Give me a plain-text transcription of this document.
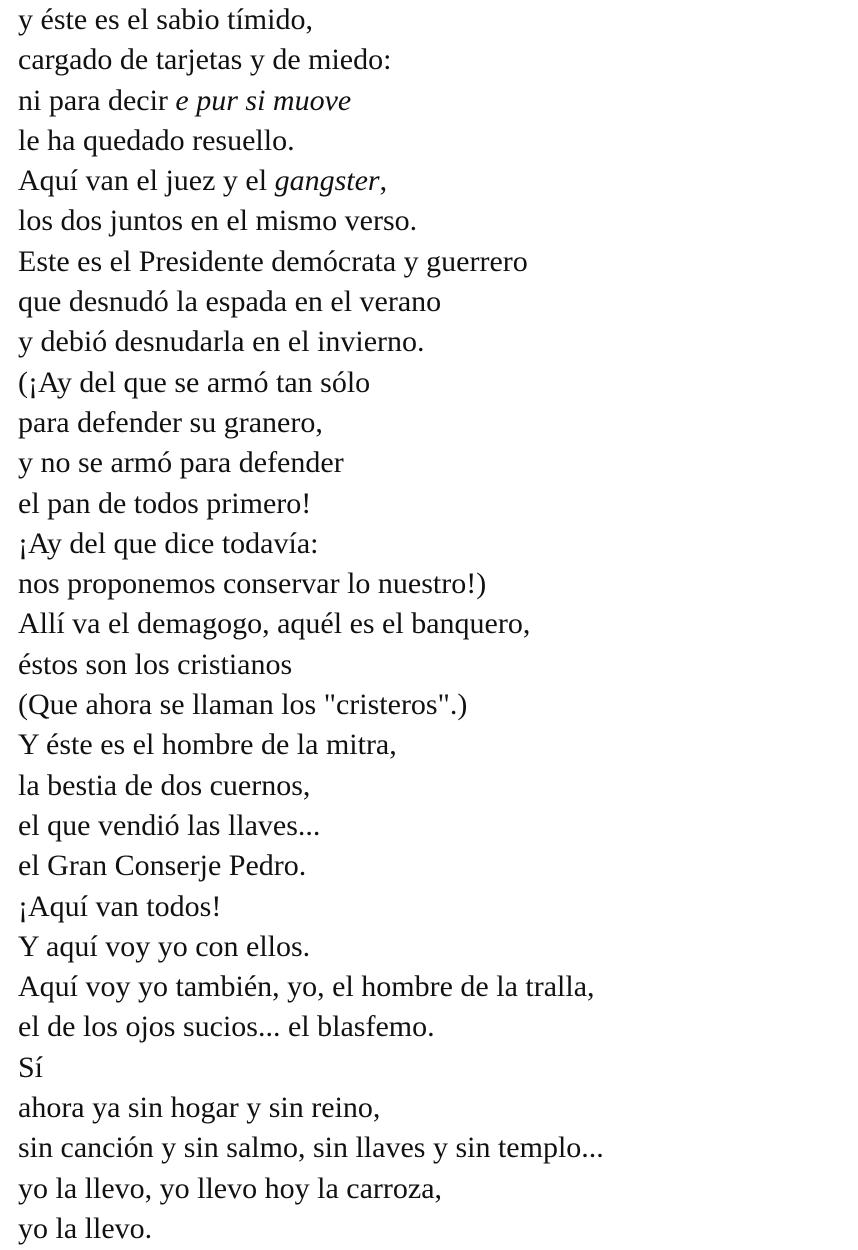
y éste es el sabio tímido,
cargado de tarjetas y de miedo:
ni para decir e pur si muove
le ha quedado resuello.
Aquí van el juez y el gangster,
los dos juntos en el mismo verso.
Este es el Presidente demócrata y guerrero
que desnudó la espada en el verano
y debió desnudarla en el invierno.
(¡Ay del que se armó tan sólo
para defender su granero,
y no se armó para defender
el pan de todos primero!
¡Ay del que dice todavía:
nos proponemos conservar lo nuestro!)
Allí va el demagogo, aquél es el banquero,
éstos son los cristianos
(Que ahora se llaman los "cristeros".)
Y éste es el hombre de la mitra,
la bestia de dos cuernos,
el que vendió las llaves...
el Gran Conserje Pedro.
¡Aquí van todos!
Y aquí voy yo con ellos.
Aquí voy yo también, yo, el hombre de la tralla,
el de los ojos sucios... el blasfemo.
Sí
ahora ya sin hogar y sin reino,
sin canción y sin salmo, sin llaves y sin templo...
yo la llevo, yo llevo hoy la carroza,
yo la llevo.
